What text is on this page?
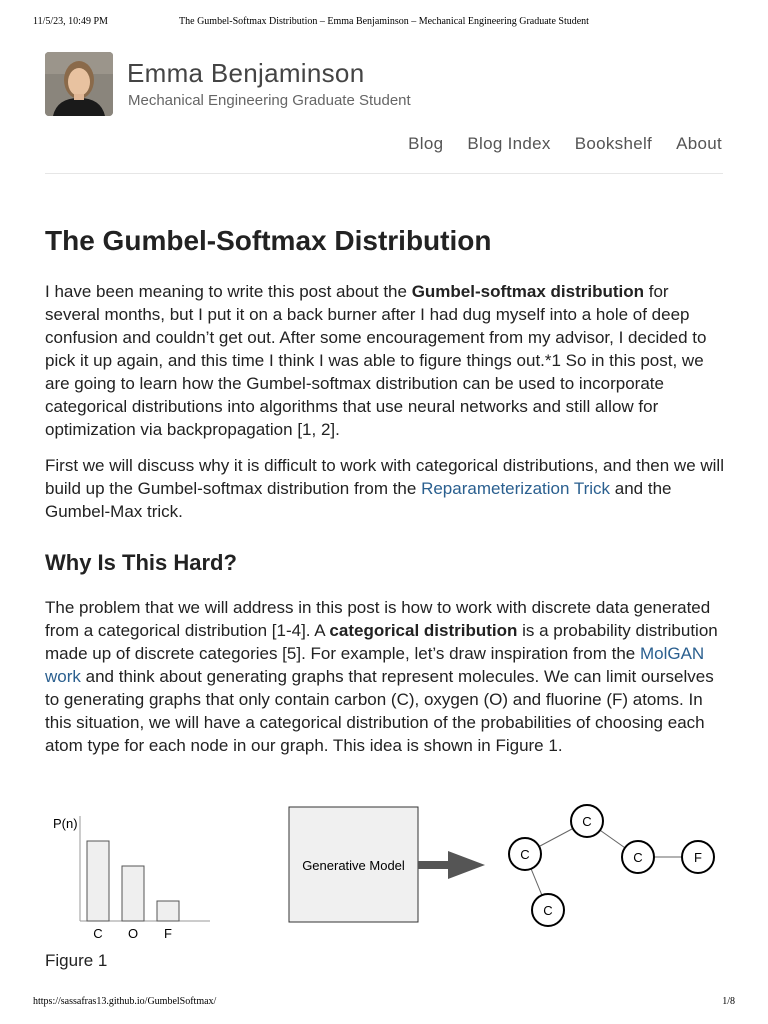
11/5/23, 10:49 PM	The Gumbel-Softmax Distribution – Emma Benjaminson – Mechanical Engineering Graduate Student
Emma Benjaminson
Mechanical Engineering Graduate Student
Blog Blog Index Bookshelf About
The Gumbel-Softmax Distribution

I have been meaning to write this post about the Gumbel-softmax distribution for several months, but I put it on a back burner after I had dug myself into a hole of deep confusion and couldn’t get out. After some encouragement from my advisor, I decided to pick it up again, and this time I think I was able to figure things out.*1 So in this post, we are going to learn how the Gumbel-softmax distribution can be used to incorporate categorical distributions into algorithms that use neural networks and still allow for optimization via backpropagation [1, 2].

First we will discuss why it is difficult to work with categorical distributions, and then we will build up the Gumbel-softmax distribution from the Reparameterization Trick and the Gumbel-Max trick.

Why Is This Hard?

The problem that we will address in this post is how to work with discrete data generated from a categorical distribution [1-4]. A categorical distribution is a probability distribution made up of discrete categories [5]. For example, let’s draw inspiration from the MolGAN work and think about generating graphs that represent molecules. We can limit ourselves to generating graphs that only contain carbon (C), oxygen (O) and fluorine (F) atoms. In this situation, we will have a categorical distribution of the probabilities of choosing each atom type for each node in our graph. This idea is shown in Figure 1.

P(n)
C O F
Generative Model
C
C	C	F
C
Figure 1
https://sassafras13.github.io/GumbelSoftmax/	1/8
